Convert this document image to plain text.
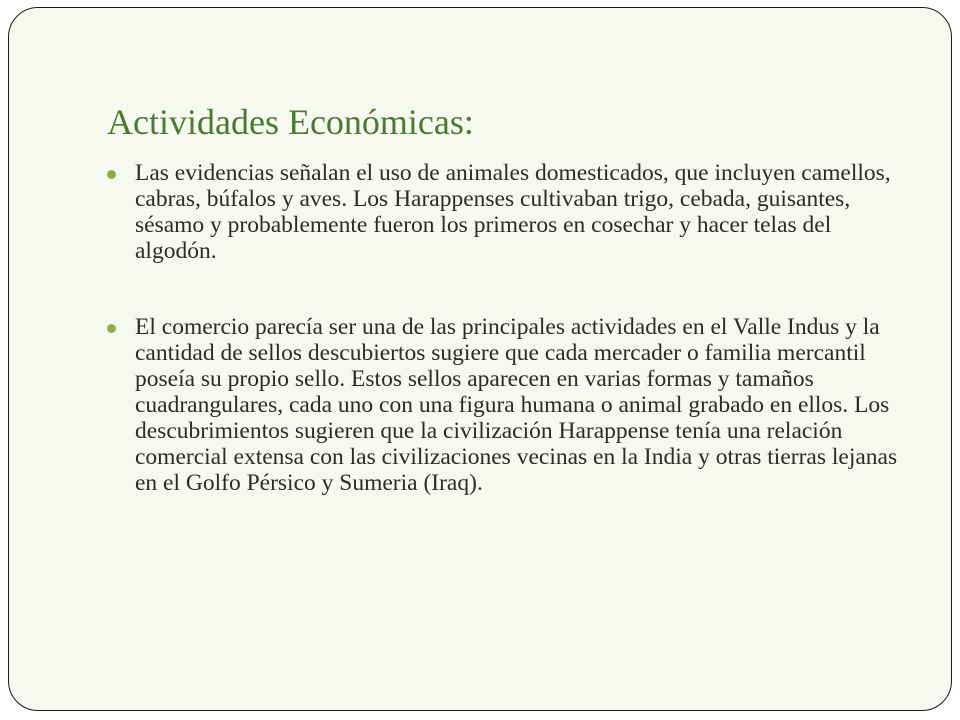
Actividades Económicas:
Las evidencias señalan el uso de animales domesticados, que incluyen camellos, cabras, búfalos y aves. Los Harappenses cultivaban trigo, cebada, guisantes, sésamo y probablemente fueron los primeros en cosechar y hacer telas del algodón.
El comercio parecía ser una de las principales actividades en el Valle Indus y la cantidad de sellos descubiertos sugiere que cada mercader o familia mercantil poseía su propio sello. Estos sellos aparecen en varias formas y tamaños cuadrangulares, cada uno con una figura humana o animal grabado en ellos. Los descubrimientos sugieren que la civilización Harappense tenía una relación comercial extensa con las civilizaciones vecinas en la India y otras tierras lejanas en el Golfo Pérsico y Sumeria (Iraq).
